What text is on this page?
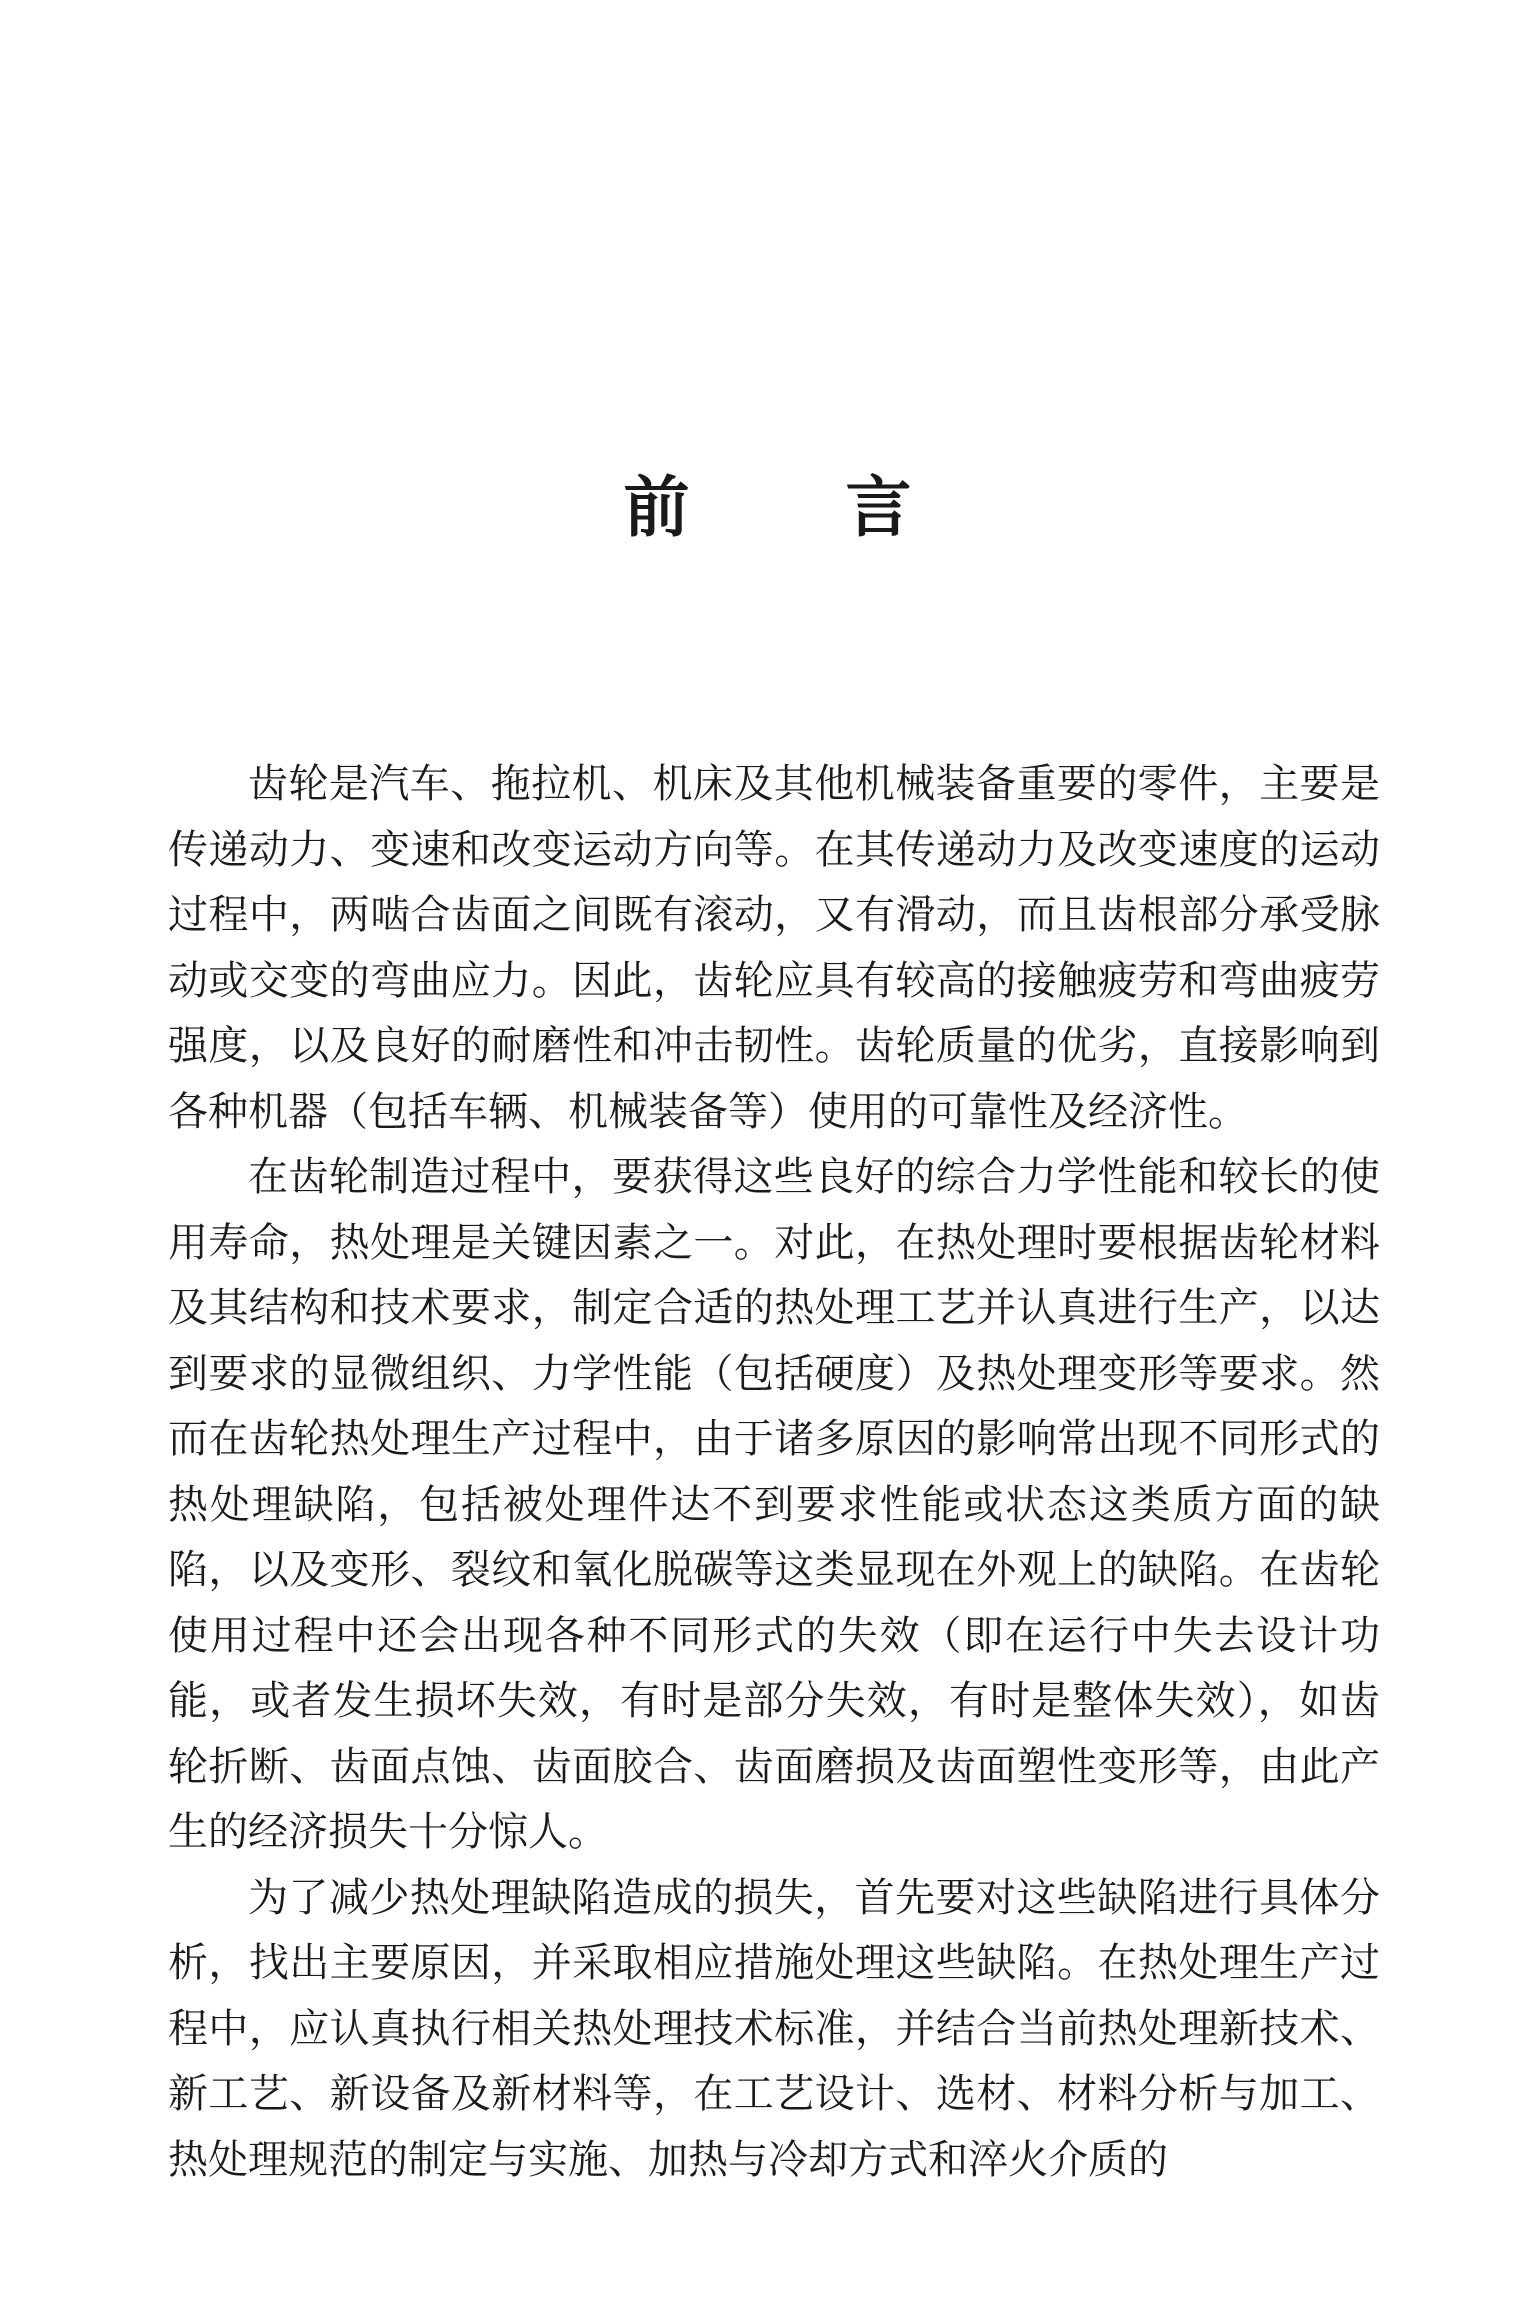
前 言

齿轮是汽车、拖拉机、机床及其他机械装备重要的零件，主要是传递动力、变速和改变运动方向等。在其传递动力及改变速度的运动过程中，两啮合齿面之间既有滚动，又有滑动，而且齿根部分承受脉动或交变的弯曲应力。因此，齿轮应具有较高的接触疲劳和弯曲疲劳强度，以及良好的耐磨性和冲击韧性。齿轮质量的优劣，直接影响到各种机器（包括车辆、机械装备等）使用的可靠性及经济性。

在齿轮制造过程中，要获得这些良好的综合力学性能和较长的使用寿命，热处理是关键因素之一。对此，在热处理时要根据齿轮材料及其结构和技术要求，制定合适的热处理工艺并认真进行生产，以达到要求的显微组织、力学性能（包括硬度）及热处理变形等要求。然而在齿轮热处理生产过程中，由于诸多原因的影响常出现不同形式的热处理缺陷，包括被处理件达不到要求性能或状态这类质方面的缺陷，以及变形、裂纹和氧化脱碳等这类显现在外观上的缺陷。在齿轮使用过程中还会出现各种不同形式的失效（即在运行中失去设计功能，或者发生损坏失效，有时是部分失效，有时是整体失效），如齿轮折断、齿面点蚀、齿面胶合、齿面磨损及齿面塑性变形等，由此产生的经济损失十分惊人。

为了减少热处理缺陷造成的损失，首先要对这些缺陷进行具体分析，找出主要原因，并采取相应措施处理这些缺陷。在热处理生产过程中，应认真执行相关热处理技术标准，并结合当前热处理新技术、新工艺、新设备及新材料等，在工艺设计、选材、材料分析与加工、热处理规范的制定与实施、加热与冷却方式和淬火介质的
